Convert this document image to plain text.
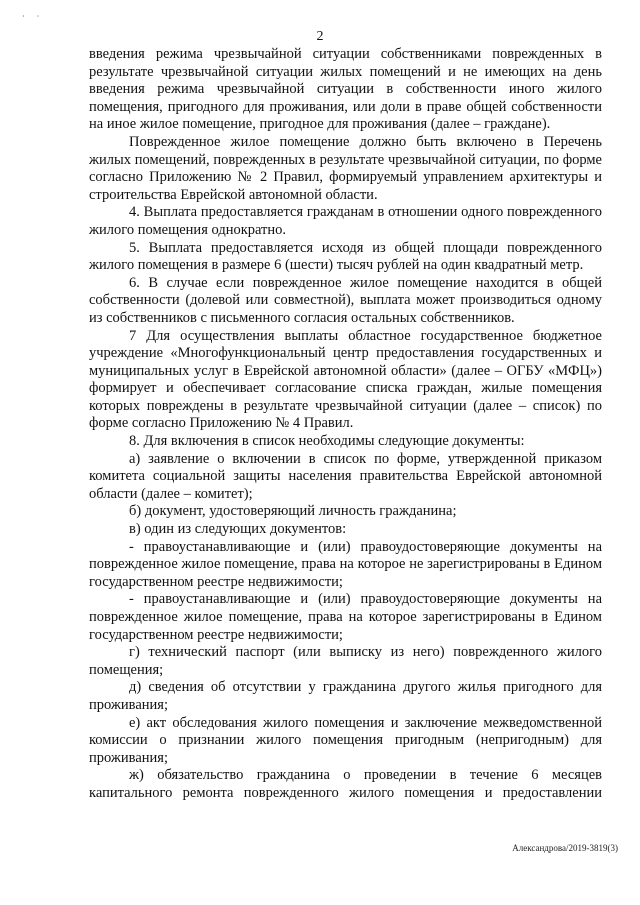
··
2

введения режима чрезвычайной ситуации собственниками поврежденных в результате чрезвычайной ситуации жилых помещений и не имеющих на день введения режима чрезвычайной ситуации в собственности иного жилого помещения, пригодного для проживания, или доли в праве общей собственности на иное жилое помещение, пригодное для проживания (далее – граждане).

Поврежденное жилое помещение должно быть включено в Перечень жилых помещений, поврежденных в результате чрезвычайной ситуации, по форме согласно Приложению № 2 Правил, формируемый управлением архитектуры и строительства Еврейской автономной области.

4. Выплата предоставляется гражданам в отношении одного поврежденного жилого помещения однократно.

5. Выплата предоставляется исходя из общей площади поврежденного жилого помещения в размере 6 (шести) тысяч рублей на один квадратный метр.

6. В случае если поврежденное жилое помещение находится в общей собственности (долевой или совместной), выплата может производиться одному из собственников с письменного согласия остальных собственников.

7 Для осуществления выплаты областное государственное бюджетное учреждение «Многофункциональный центр предоставления государственных и муниципальных услуг в Еврейской автономной области» (далее – ОГБУ «МФЦ») формирует и обеспечивает согласование списка граждан, жилые помещения которых повреждены в результате чрезвычайной ситуации (далее – список) по форме согласно Приложению № 4 Правил.

8. Для включения в список необходимы следующие документы:

а) заявление о включении в список по форме, утвержденной приказом комитета социальной защиты населения правительства Еврейской автономной области (далее – комитет);

б) документ, удостоверяющий личность гражданина;

в) один из следующих документов:

- правоустанавливающие и (или) правоудостоверяющие документы на поврежденное жилое помещение, права на которое не зарегистрированы в Едином государственном реестре недвижимости;

- правоустанавливающие и (или) правоудостоверяющие документы на поврежденное жилое помещение, права на которое зарегистрированы в Едином государственном реестре недвижимости;

г) технический паспорт (или выписку из него) поврежденного жилого помещения;

д) сведения об отсутствии у гражданина другого жилья пригодного для проживания;

е) акт обследования жилого помещения и заключение межведомственной комиссии о признании жилого помещения пригодным (непригодным) для проживания;

ж) обязательство гражданина о проведении в течение 6 месяцев капитального ремонта поврежденного жилого помещения и предоставлении

Александрова/2019-3819(3)
